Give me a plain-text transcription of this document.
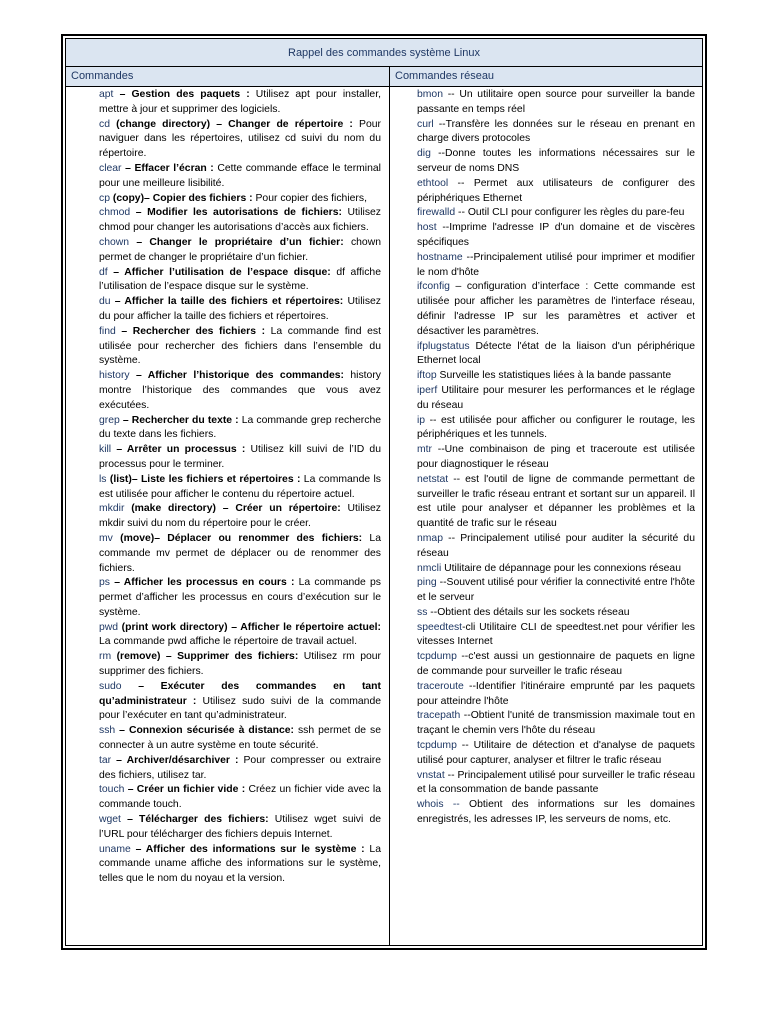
Rappel des commandes système Linux
Commandes	Commandes réseau

apt – Gestion des paquets : Utilisez apt pour installer, mettre à jour et supprimer des logiciels.

cd (change directory) – Changer de répertoire : Pour naviguer dans les répertoires, utilisez cd suivi du nom du répertoire.

clear – Effacer l’écran : Cette commande efface le terminal pour une meilleure lisibilité.

cp (copy)– Copier des fichiers : Pour copier des fichiers,

chmod – Modifier les autorisations de fichiers: Utilisez chmod pour changer les autorisations d’accès aux fichiers.

chown – Changer le propriétaire d’un fichier: chown permet de changer le propriétaire d’un fichier.

df – Afficher l’utilisation de l’espace disque: df affiche l’utilisation de l’espace disque sur le système.

du – Afficher la taille des fichiers et répertoires: Utilisez du pour afficher la taille des fichiers et répertoires.

find – Rechercher des fichiers : La commande find est utilisée pour rechercher des fichiers dans l’ensemble du système.

history – Afficher l’historique des commandes: history montre l’historique des commandes que vous avez exécutées.

grep – Rechercher du texte : La commande grep recherche du texte dans les fichiers.

kill – Arrêter un processus : Utilisez kill suivi de l’ID du processus pour le terminer.

ls (list)– Liste les fichiers et répertoires : La commande ls est utilisée pour afficher le contenu du répertoire actuel.

mkdir (make directory) – Créer un répertoire: Utilisez mkdir suivi du nom du répertoire pour le créer.

mv (move)– Déplacer ou renommer des fichiers: La commande mv permet de déplacer ou de renommer des fichiers.

ps – Afficher les processus en cours : La commande ps permet d’afficher les processus en cours d’exécution sur le système.

pwd (print work directory) – Afficher le répertoire actuel: La commande pwd affiche le répertoire de travail actuel.

rm (remove) – Supprimer des fichiers: Utilisez rm pour supprimer des fichiers.

sudo – Exécuter des commandes en tant qu’administrateur : Utilisez sudo suivi de la commande pour l’exécuter en tant qu’administrateur.

ssh – Connexion sécurisée à distance: ssh permet de se connecter à un autre système en toute sécurité.

tar – Archiver/désarchiver : Pour compresser ou extraire des fichiers, utilisez tar.

touch – Créer un fichier vide : Créez un fichier vide avec la commande touch.

wget – Télécharger des fichiers: Utilisez wget suivi de l’URL pour télécharger des fichiers depuis Internet.

uname – Afficher des informations sur le système : La commande uname affiche des informations sur le système, telles que le nom du noyau et la version.

bmon -- Un utilitaire open source pour surveiller la bande passante en temps réel

curl --Transfère les données sur le réseau en prenant en charge divers protocoles

dig --Donne toutes les informations nécessaires sur le serveur de noms DNS

ethtool -- Permet aux utilisateurs de configurer des périphériques Ethernet

firewalld -- Outil CLI pour configurer les règles du pare-feu

host --Imprime l'adresse IP d'un domaine et de viscères spécifiques

hostname --Principalement utilisé pour imprimer et modifier le nom d'hôte

ifconfig – configuration d’interface : Cette commande est utilisée pour afficher les paramètres de l'interface réseau, définir l'adresse IP sur les paramètres et activer et désactiver les paramètres.

ifplugstatus Détecte l'état de la liaison d'un périphérique Ethernet local

iftop Surveille les statistiques liées à la bande passante

iperf Utilitaire pour mesurer les performances et le réglage du réseau

ip -- est utilisée pour afficher ou configurer le routage, les périphériques et les tunnels.

mtr --Une combinaison de ping et traceroute est utilisée pour diagnostiquer le réseau

netstat -- est l'outil de ligne de commande permettant de surveiller le trafic réseau entrant et sortant sur un appareil. Il est utile pour analyser et dépanner les problèmes et la quantité de trafic sur le réseau

nmap -- Principalement utilisé pour auditer la sécurité du réseau

nmcli Utilitaire de dépannage pour les connexions réseau

ping --Souvent utilisé pour vérifier la connectivité entre l'hôte et le serveur

ss --Obtient des détails sur les sockets réseau

speedtest-cli Utilitaire CLI de speedtest.net pour vérifier les vitesses Internet

tcpdump --c'est aussi un gestionnaire de paquets en ligne de commande pour surveiller le trafic réseau

traceroute --Identifier l'itinéraire emprunté par les paquets pour atteindre l'hôte

tracepath --Obtient l'unité de transmission maximale tout en traçant le chemin vers l'hôte du réseau

tcpdump -- Utilitaire de détection et d'analyse de paquets utilisé pour capturer, analyser et filtrer le trafic réseau

vnstat -- Principalement utilisé pour surveiller le trafic réseau et la consommation de bande passante

whois -- Obtient des informations sur les domaines enregistrés, les adresses IP, les serveurs de noms, etc.
